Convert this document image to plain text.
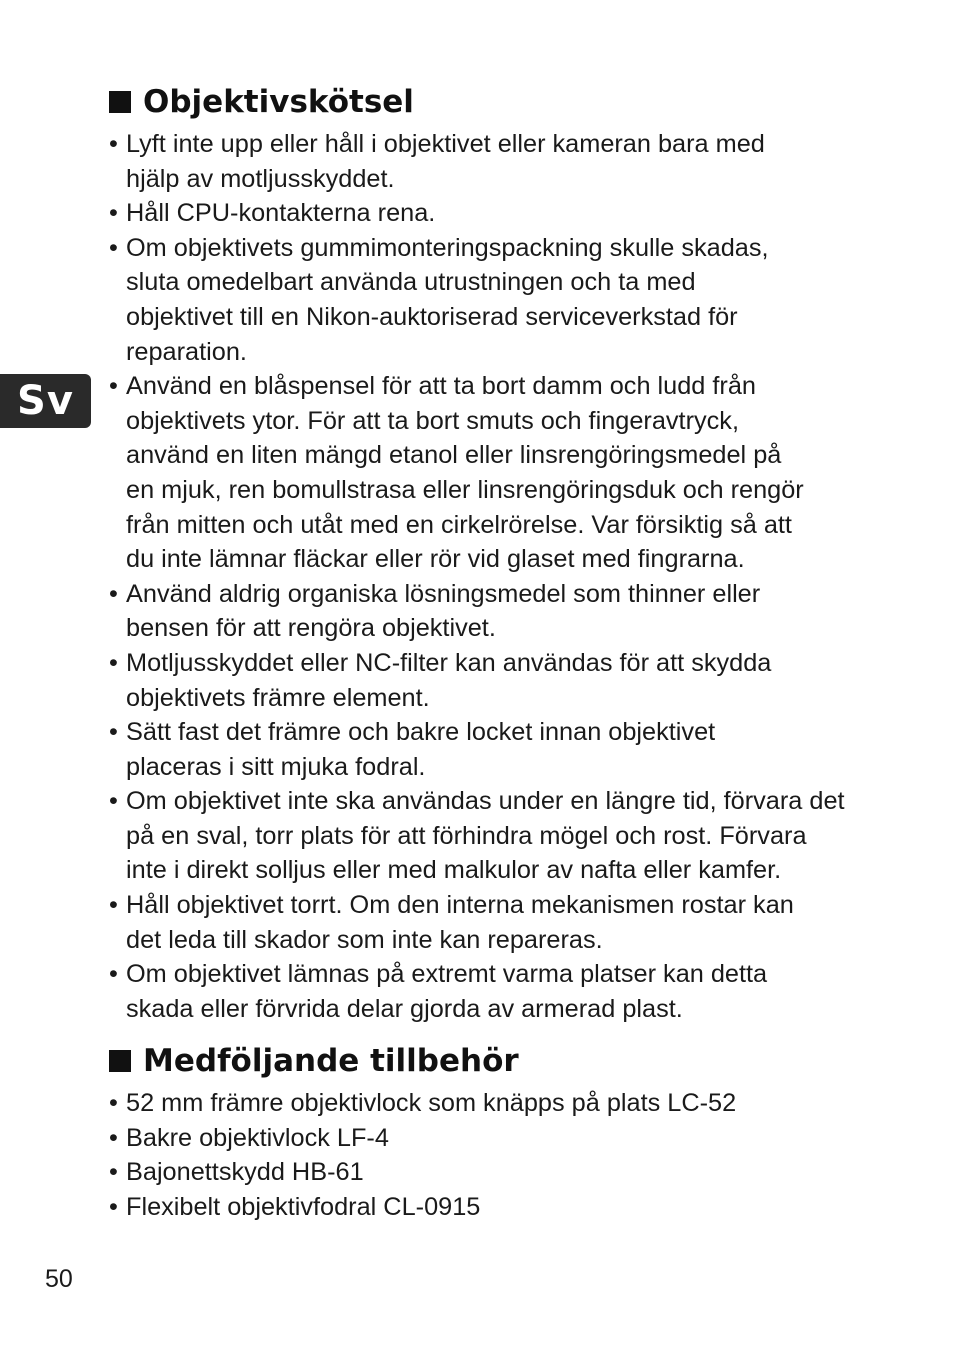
Sv
Objektivskötsel
• Lyft inte upp eller håll i objektivet eller kameran bara med
hjälp av motljusskyddet.
• Håll CPU-kontakterna rena.
• Om objektivets gummimonteringspackning skulle skadas,
sluta omedelbart använda utrustningen och ta med
objektivet till en Nikon-auktoriserad serviceverkstad för
reparation.
• Använd en blåspensel för att ta bort damm och ludd från
objektivets ytor. För att ta bort smuts och fingeravtryck,
använd en liten mängd etanol eller linsrengöringsmedel på
en mjuk, ren bomullstrasa eller linsrengöringsduk och rengör
från mitten och utåt med en cirkelrörelse. Var försiktig så att
du inte lämnar fläckar eller rör vid glaset med fingrarna.
• Använd aldrig organiska lösningsmedel som thinner eller
bensen för att rengöra objektivet.
• Motljusskyddet eller NC-filter kan användas för att skydda
objektivets främre element.
• Sätt fast det främre och bakre locket innan objektivet
placeras i sitt mjuka fodral.
• Om objektivet inte ska användas under en längre tid, förvara det
på en sval, torr plats för att förhindra mögel och rost. Förvara
inte i direkt solljus eller med malkulor av nafta eller kamfer.
• Håll objektivet torrt. Om den interna mekanismen rostar kan
det leda till skador som inte kan repareras.
• Om objektivet lämnas på extremt varma platser kan detta
skada eller förvrida delar gjorda av armerad plast.
Medföljande tillbehör
• 52 mm främre objektivlock som knäpps på plats LC-52
• Bakre objektivlock LF-4
• Bajonettskydd HB-61
• Flexibelt objektivfodral CL-0915
50
